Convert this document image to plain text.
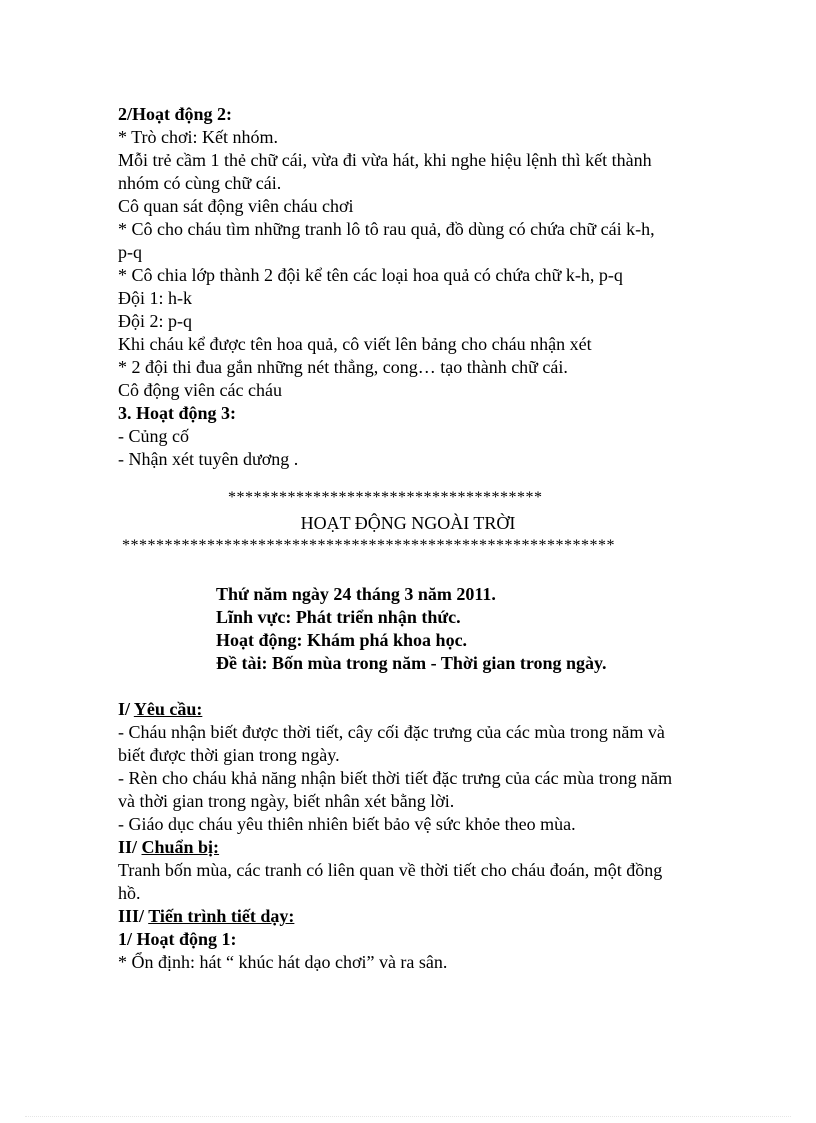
2/Hoạt động 2:
* Trò chơi: Kết nhóm.
Mỗi trẻ cầm 1 thẻ chữ cái, vừa đi vừa hát, khi nghe hiệu lệnh thì kết thành
nhóm có cùng chữ cái.
Cô quan sát động viên cháu chơi
* Cô cho cháu tìm những tranh lô tô rau quả, đồ dùng có chứa chữ cái k-h,
p-q
* Cô chia lớp thành 2 đội kể tên các loại hoa quả có chứa chữ k-h, p-q
Đội 1: h-k
Đội 2: p-q
Khi cháu kể được tên hoa quả, cô viết lên bảng cho cháu nhận xét
* 2 đội thi đua gắn những nét thẳng, cong… tạo thành chữ cái.
Cô động viên các cháu
3. Hoạt động 3:
- Củng cố
- Nhận xét tuyên dương .
*************************************
HOẠT ĐỘNG NGOÀI TRỜI
**********************************************************
Thứ năm ngày 24 tháng 3 năm 2011.
Lĩnh vực: Phát triển nhận thức.
Hoạt động: Khám phá khoa học.
Đề tài: Bốn mùa trong năm - Thời gian trong ngày.
I/ Yêu cầu:
- Cháu nhận biết được thời tiết, cây cối đặc trưng của các mùa trong năm và
biết được thời gian trong ngày.
- Rèn cho cháu khả năng nhận biết thời tiết đặc trưng của các mùa trong năm
và thời gian trong ngày, biết nhân xét bằng lời.
- Giáo dục cháu yêu thiên nhiên biết bảo vệ sức khỏe theo mùa.
II/ Chuẩn bị:
Tranh bốn mùa, các tranh có liên quan về thời tiết cho cháu đoán, một đồng
hồ.
III/ Tiến trình tiết dạy:
1/ Hoạt động 1:
* Ổn định: hát “ khúc hát dạo chơi” và ra sân.
